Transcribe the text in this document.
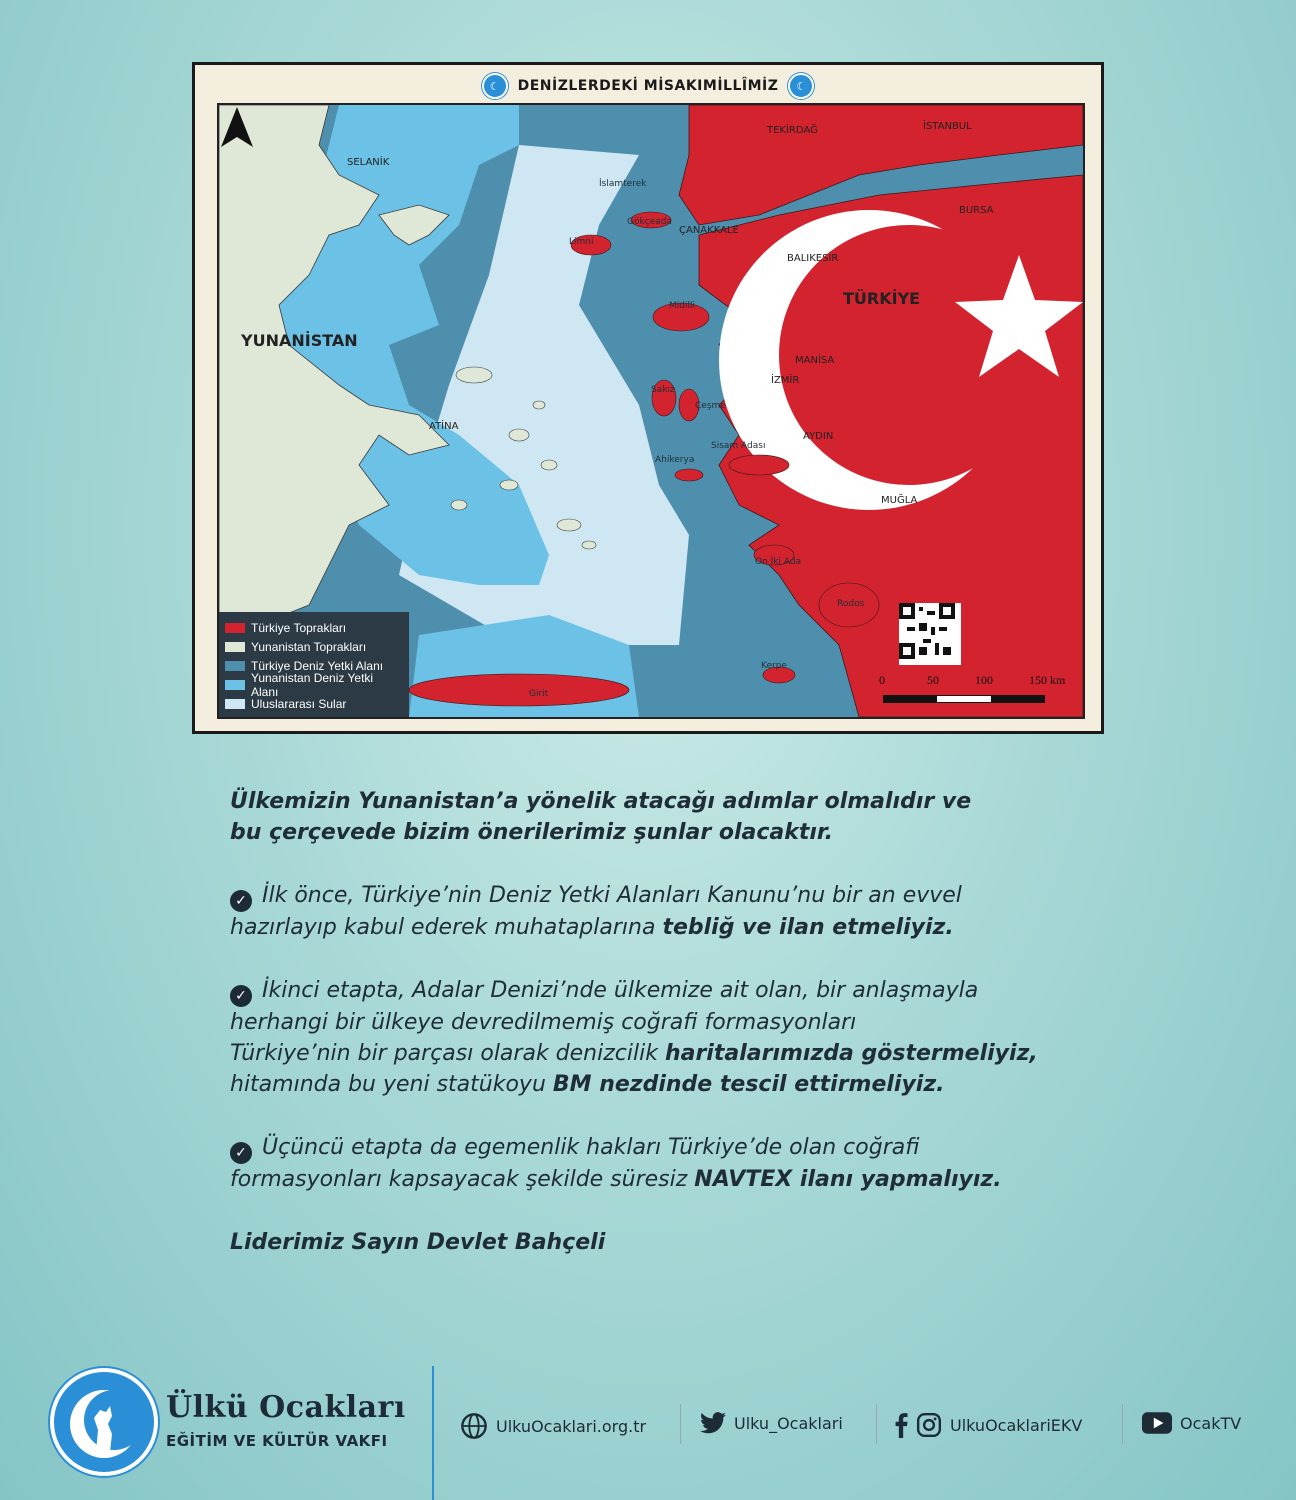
☾	DENİZLERDEKİ MİSAKIMİLLÎMİZ	☾
SELANİK
YUNANİSTAN
ATİNA
TEKİRDAĞ	İSTANBUL
BURSA
ÇANAKKALE
BALIKESİR
TÜRKİYE
MANİSA
İZMİR
AYDIN
MUĞLA
İslamterek
Gökçeada
Limni
Midilli
Sakız
Çeşme
Sisam Adası
Ahikerya
On İki Ada
Rodos
Kerpe
Girit
Türkiye Toprakları
Yunanistan Toprakları
Türkiye Deniz Yetki Alanı
Yunanistan Deniz Yetki Alanı
Uluslararası Sular
0	50	100	150 km

Ülkemizin Yunanistan’a yönelik atacağı adımlar olmalıdır ve
bu çerçevede bizim önerilerimiz şunlar olacaktır.

✓ İlk önce, Türkiye’nin Deniz Yetki Alanları Kanunu’nu bir an evvel
hazırlayıp kabul ederek muhataplarına tebliğ ve ilan etmeliyiz.

✓ İkinci etapta, Adalar Denizi’nde ülkemize ait olan, bir anlaşmayla
herhangi bir ülkeye devredilmemiş coğrafi formasyonları
Türkiye’nin bir parçası olarak denizcilik haritalarımızda göstermeliyiz,
hitamında bu yeni statükoyu BM nezdinde tescil ettirmeliyiz.

✓ Üçüncü etapta da egemenlik hakları Türkiye’de olan coğrafi
formasyonları kapsayacak şekilde süresiz NAVTEX ilanı yapmalıyız.

Liderimiz Sayın Devlet Bahçeli

Ülkü Ocakları
EĞİTİM VE KÜLTÜR VAKFI
UlkuOcaklari.org.tr	Ulku_Ocaklari	UlkuOcaklariEKV	OcakTV
